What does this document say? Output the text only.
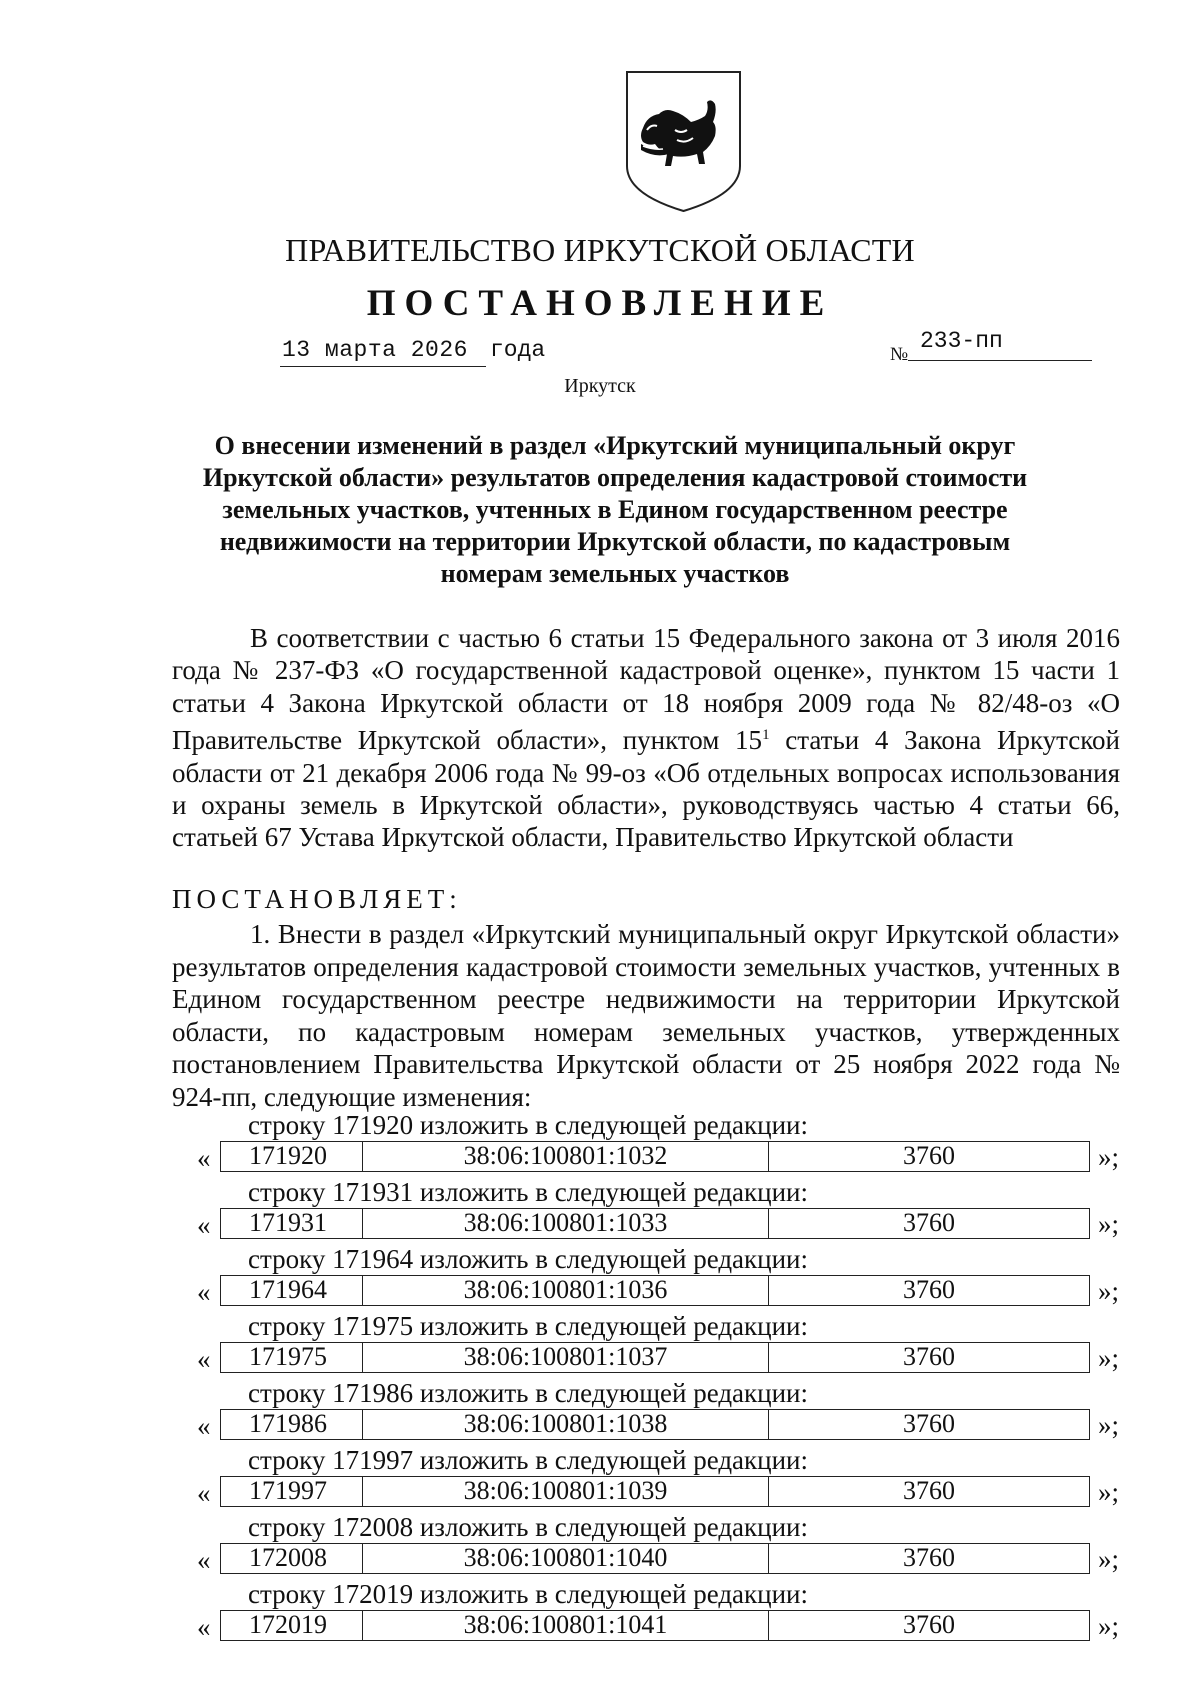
ПРАВИТЕЛЬСТВО ИРКУТСКОЙ ОБЛАСТИ
ПОСТАНОВЛЕНИЕ
13 марта 2026 года	№
233-пп
Иркутск
О внесении изменений в раздел «Иркутский муниципальный округ Иркутской области» результатов определения кадастровой стоимости земельных участков, учтенных в Едином государственном реестре недвижимости на территории Иркутской области, по кадастровым номерам земельных участков

В соответствии с частью 6 статьи 15 Федерального закона от 3 июля 2016 года № 237-ФЗ «О государственной кадастровой оценке», пунктом 15 части 1 статьи 4 Закона Иркутской области от 18 ноября 2009 года № 82/48-оз «О Правительстве Иркутской области», пунктом $15^1$ статьи 4 Закона Иркутской области от 21 декабря 2006 года № 99-оз «Об отдельных вопросах использования и охраны земель в Иркутской области», руководствуясь частью 4 статьи 66, статьей 67 Устава Иркутской области, Правительство Иркутской области

ПОСТАНОВЛЯЕТ:

1. Внести в раздел «Иркутский муниципальный округ Иркутской области» результатов определения кадастровой стоимости земельных участков, учтенных в Едином государственном реестре недвижимости на территории Иркутской области, по кадастровым номерам земельных участков, утвержденных постановлением Правительства Иркутской области от 25 ноября 2022 года № 924-пп, следующие изменения:

строку 171920 изложить в следующей редакции:
«	171920	38:06:100801:1032	3760	»;
строку 171931 изложить в следующей редакции:
«	171931	38:06:100801:1033	3760	»;
строку 171964 изложить в следующей редакции:
«	171964	38:06:100801:1036	3760	»;
строку 171975 изложить в следующей редакции:
«	171975	38:06:100801:1037	3760	»;
строку 171986 изложить в следующей редакции:
«	171986	38:06:100801:1038	3760	»;
строку 171997 изложить в следующей редакции:
«	171997	38:06:100801:1039	3760	»;
строку 172008 изложить в следующей редакции:
«	172008	38:06:100801:1040	3760	»;
строку 172019 изложить в следующей редакции:
«	172019	38:06:100801:1041	3760	»;
